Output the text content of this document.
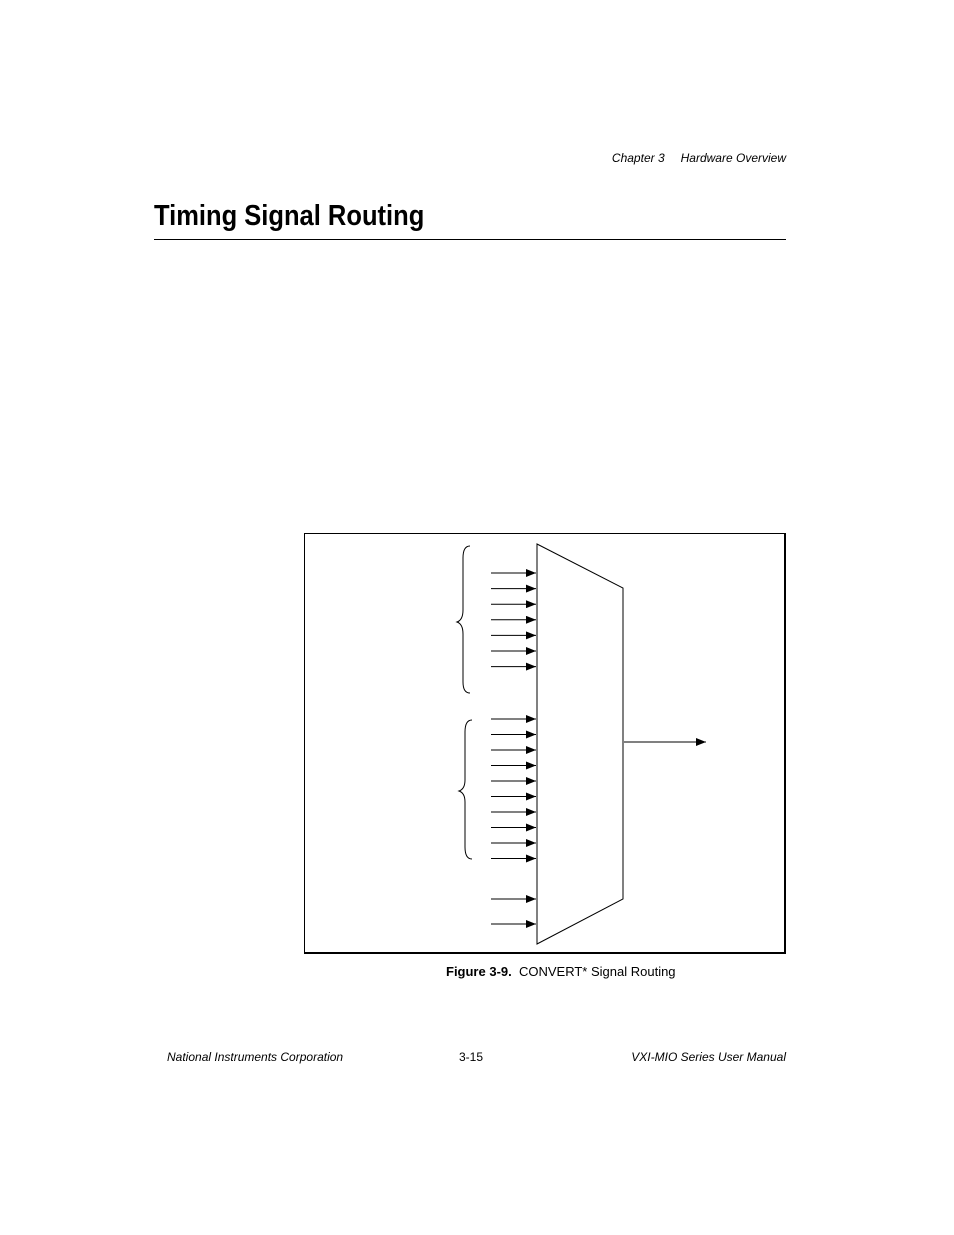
Chapter 3 Hardware Overview
Timing Signal Routing
Figure 3-9. CONVERT* Signal Routing
National Instruments Corporation	3-15	VXI-MIO Series User Manual
